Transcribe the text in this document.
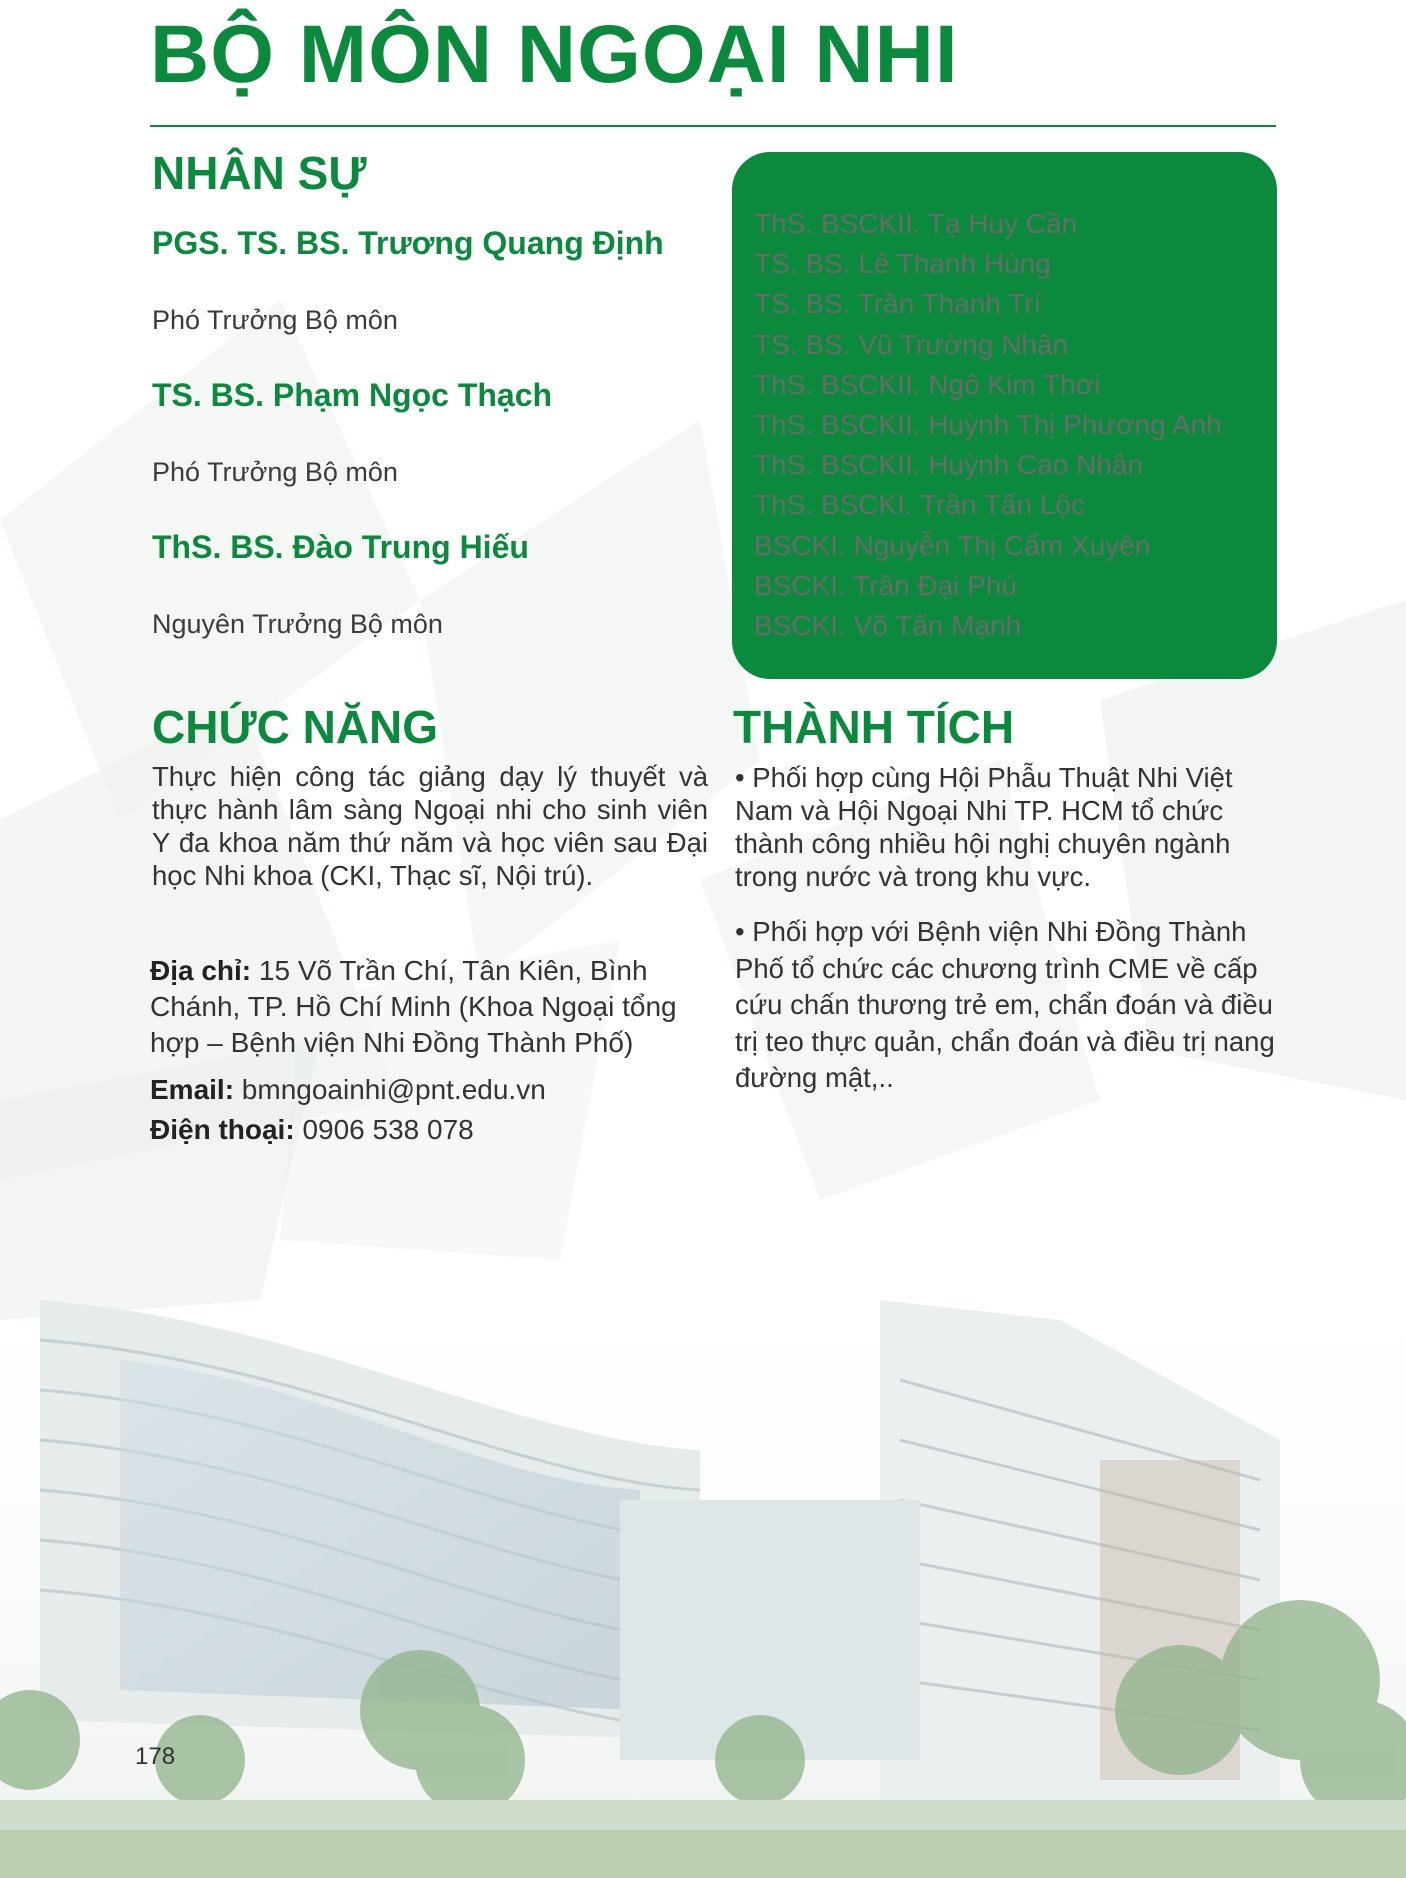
BỘ MÔN NGOẠI NHI
NHÂN SỰ

PGS. TS. BS. Trương Quang Định

Phó Trưởng Bộ môn

TS. BS. Phạm Ngọc Thạch

Phó Trưởng Bộ môn

ThS. BS. Đào Trung Hiếu

Nguyên Trưởng Bộ môn

ThS. BSCKII. Tạ Huy Cần
TS. BS. Lê Thanh Hùng
TS. BS. Trần Thanh Trí
TS. BS. Vũ Trường Nhân
ThS. BSCKII. Ngô Kim Thơi
ThS. BSCKII. Huỳnh Thị Phương Anh
ThS. BSCKII. Huỳnh Cao Nhân
ThS. BSCKI. Trần Tấn Lộc
BSCKI. Nguyễn Thị Cẩm Xuyên
BSCKI. Trần Đại Phú
BSCKI. Võ Tấn Mạnh
CHỨC NĂNG

Thực hiện công tác giảng dạy lý thuyết và thực hành lâm sàng Ngoại nhi cho sinh viên Y đa khoa năm thứ năm và học viên sau Đại học Nhi khoa (CKI, Thạc sĩ, Nội trú).

Địa chỉ: 15 Võ Trần Chí, Tân Kiên, Bình
Chánh, TP. Hồ Chí Minh (Khoa Ngoại tổng hợp – Bệnh viện Nhi Đồng Thành Phố)

Email: bmngoainhi@pnt.edu.vn

Điện thoại: 0906 538 078

THÀNH TÍCH

• Phối hợp cùng Hội Phẫu Thuật Nhi Việt Nam và Hội Ngoại Nhi TP. HCM tổ chức thành công nhiều hội nghị chuyên ngành trong nước và trong khu vực.

• Phối hợp với Bệnh viện Nhi Đồng Thành Phố tổ chức các chương trình CME về cấp cứu chấn thương trẻ em, chẩn đoán và điều trị teo thực quản, chẩn đoán và điều trị nang đường mật,..

178
